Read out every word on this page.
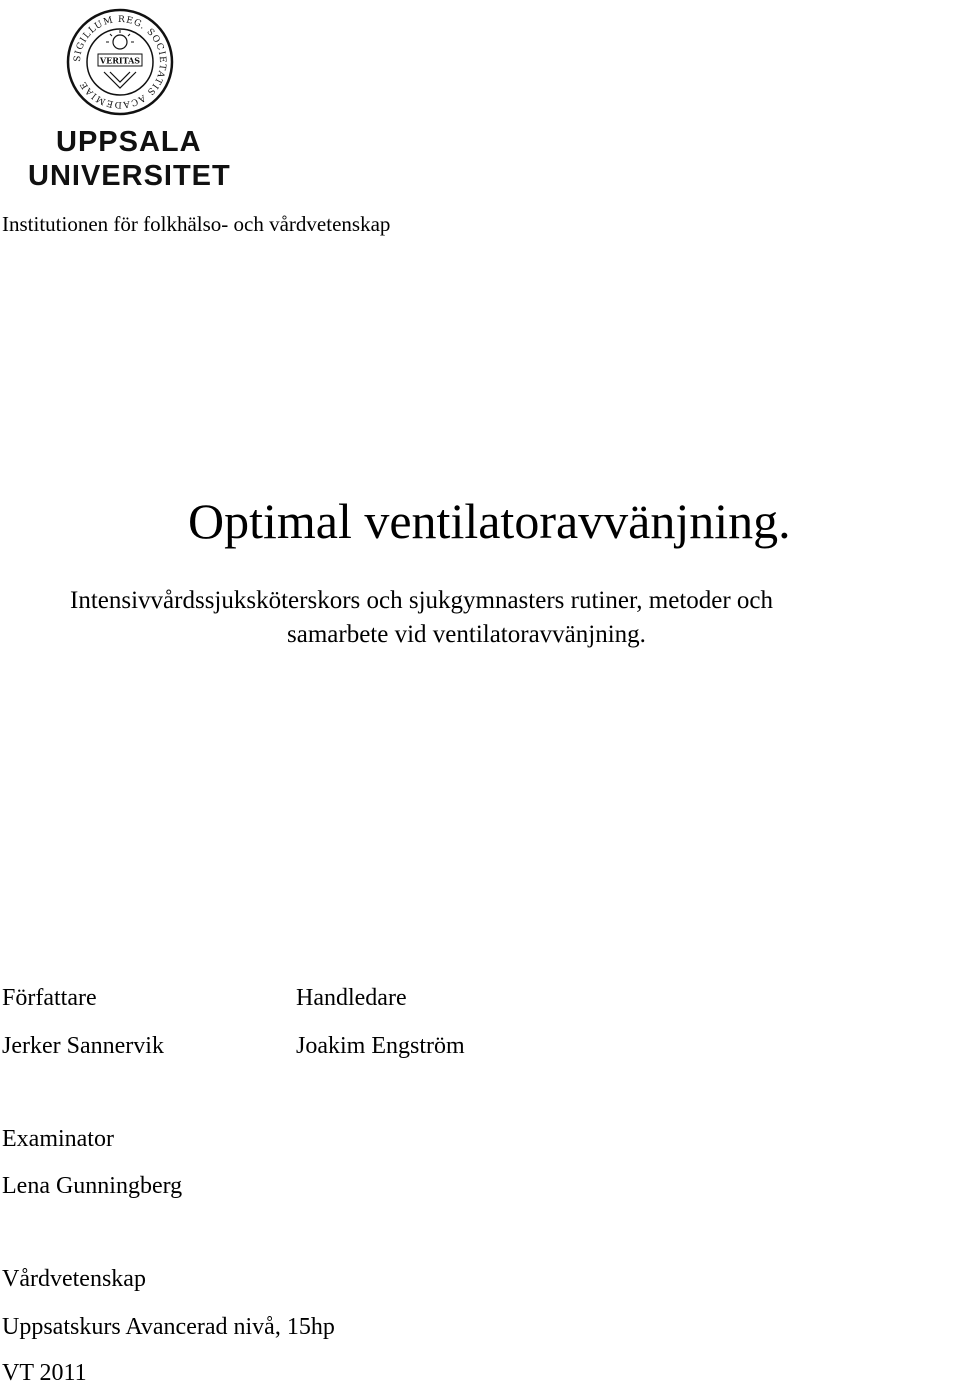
SIGILLUM REG. SOCIETATIS ACADEMIAE
VERITAS
UPPSALA
UNIVERSITET
Institutionen för folkhälso- och vårdvetenskap
Optimal ventilatoravvänjning.
Intensivvårdssjuksköterskors och sjukgymnasters rutiner, metoder och
samarbete vid ventilatoravvänjning.
Författare
Jerker Sannervik
Handledare
Joakim Engström
Examinator
Lena Gunningberg
Vårdvetenskap
Uppsatskurs Avancerad nivå, 15hp
VT 2011
